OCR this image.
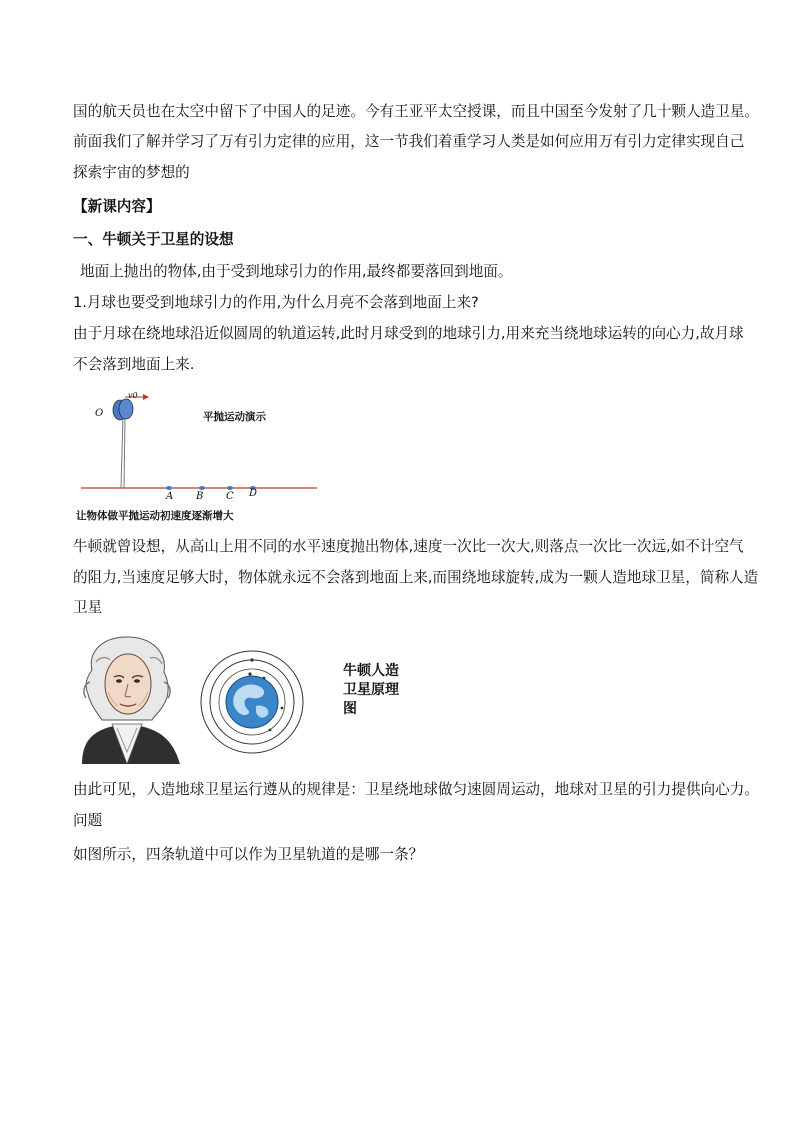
国的航天员也在太空中留下了中国人的足迹。今有王亚平太空授课，而且中国至今发射了几十颗人造卫星。
前面我们了解并学习了万有引力定律的应用，这一节我们着重学习人类是如何应用万有引力定律实现自己
探索宇宙的梦想的
【新课内容】
一、牛顿关于卫星的设想
地面上抛出的物体,由于受到地球引力的作用,最终都要落回到地面。
1.月球也要受到地球引力的作用,为什么月亮不会落到地面上来?
由于月球在绕地球沿近似圆周的轨道运转,此时月球受到的地球引力,用来充当绕地球运转的向心力,故月球
不会落到地面上来.
O
v0
平抛运动演示
A B C D
让物体做平抛运动初速度逐渐增大
牛顿就曾设想，从高山上用不同的水平速度抛出物体,速度一次比一次大,则落点一次比一次远,如不计空气
的阻力,当速度足够大时，物体就永远不会落到地面上来,而围绕地球旋转,成为一颗人造地球卫星，简称人造
卫星
牛顿人造
卫星原理
图
由此可见，人造地球卫星运行遵从的规律是：卫星绕地球做匀速圆周运动，地球对卫星的引力提供向心力。
问题
如图所示，四条轨道中可以作为卫星轨道的是哪一条？
